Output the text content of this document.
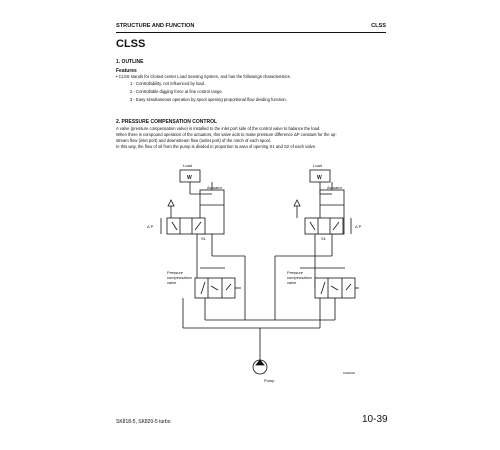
STRUCTURE AND FUNCTION	CLSS
CLSS
1. OUTLINE
Features
• CLSS stands for Closed center Load Sensing System, and has the followings characteristics.
1 - Controllability, not influenced by load.
2 - Controllable digging force at fine control range.
3 - Easy simultaneous operation by spool opening proportional flow dividing function.
2. PRESSURE COMPENSATION CONTROL
A valve (pressure compensation valve) is installed to the inlet port side of the control valve to balance the load.
When there is compound operation of the actuators, this valve acts to make pressure difference ΔP constant for the up-
stream flow (inlet port) and downstream flow (outlet port) of the notch of each spool.
In this way, the flow of oil from the pump is divided in proportion to area of opening S1 and S2 of each valve.
Load
W
Actuator
Δ P
S1
Pressure
compensation
valve
Load
W
Actuator
Δ P
S1
Pressure
compensation
valve
Pump
9JH00000
SK818-5, SK820-5 turbo	10-39
